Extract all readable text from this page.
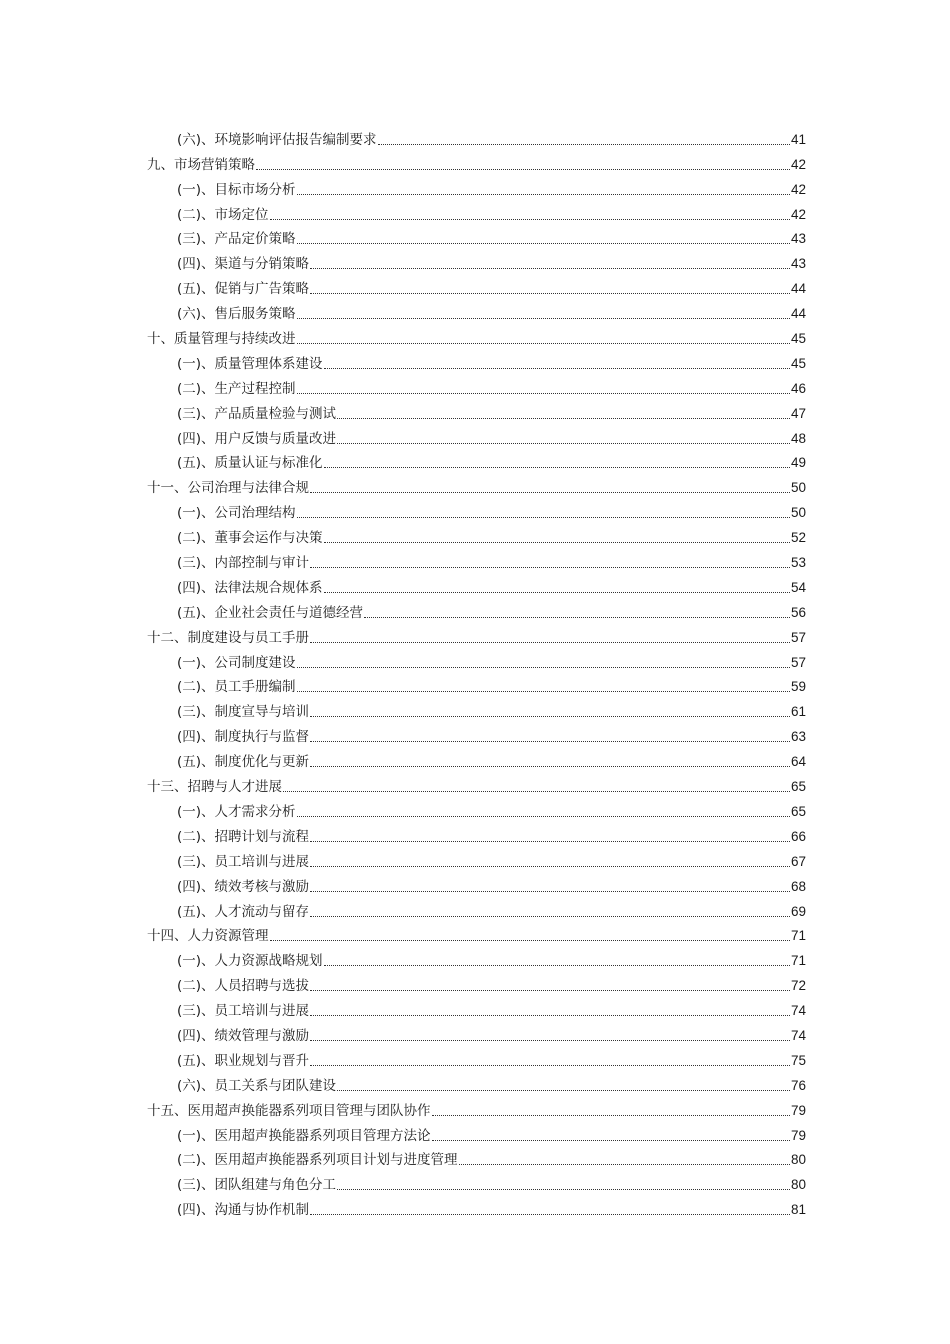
(六)、环境影响评估报告编制要求	41
九、市场营销策略	42
(一)、目标市场分析	42
(二)、市场定位	42
(三)、产品定价策略	43
(四)、渠道与分销策略	43
(五)、促销与广告策略	44
(六)、售后服务策略	44
十、质量管理与持续改进	45
(一)、质量管理体系建设	45
(二)、生产过程控制	46
(三)、产品质量检验与测试	47
(四)、用户反馈与质量改进	48
(五)、质量认证与标准化	49
十一、公司治理与法律合规	50
(一)、公司治理结构	50
(二)、董事会运作与决策	52
(三)、内部控制与审计	53
(四)、法律法规合规体系	54
(五)、企业社会责任与道德经营	56
十二、制度建设与员工手册	57
(一)、公司制度建设	57
(二)、员工手册编制	59
(三)、制度宣导与培训	61
(四)、制度执行与监督	63
(五)、制度优化与更新	64
十三、招聘与人才进展	65
(一)、人才需求分析	65
(二)、招聘计划与流程	66
(三)、员工培训与进展	67
(四)、绩效考核与激励	68
(五)、人才流动与留存	69
十四、人力资源管理	71
(一)、人力资源战略规划	71
(二)、人员招聘与选拔	72
(三)、员工培训与进展	74
(四)、绩效管理与激励	74
(五)、职业规划与晋升	75
(六)、员工关系与团队建设	76
十五、医用超声换能器系列项目管理与团队协作	79
(一)、医用超声换能器系列项目管理方法论	79
(二)、医用超声换能器系列项目计划与进度管理	80
(三)、团队组建与角色分工	80
(四)、沟通与协作机制	81
